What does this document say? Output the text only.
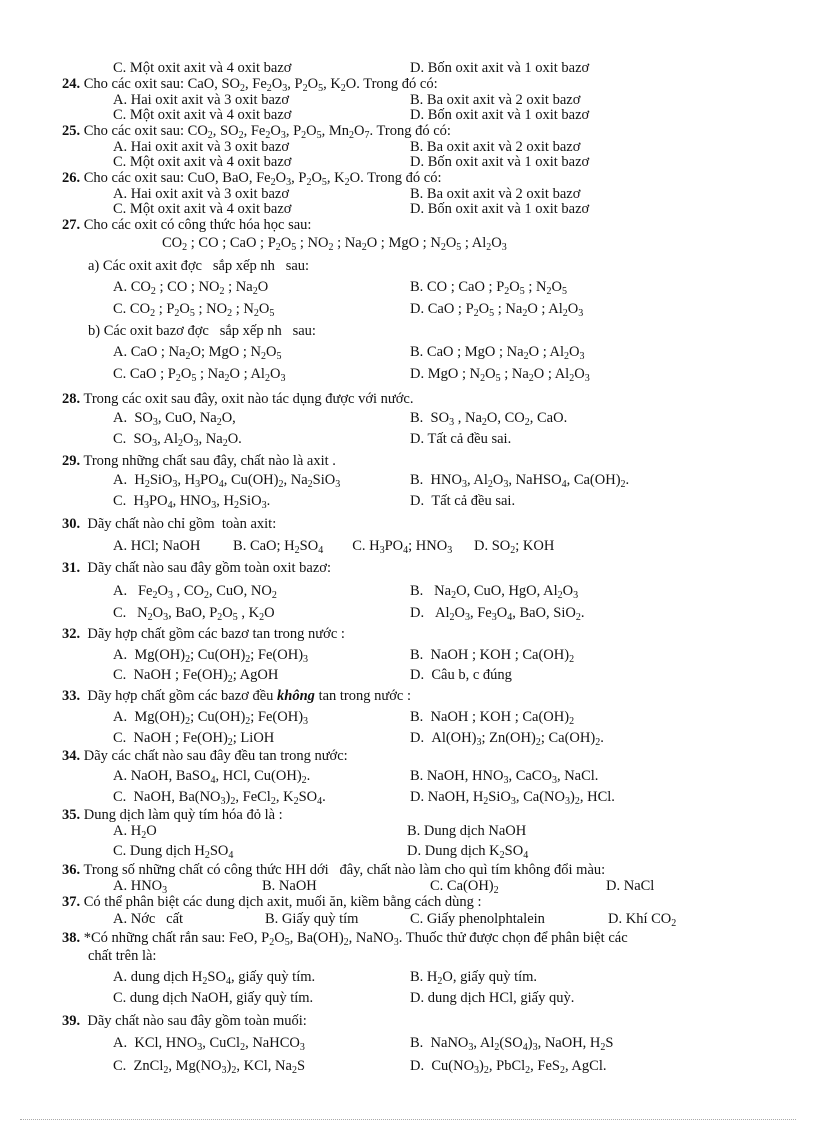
C. Một oxit axit và 4 oxit bazơ	D. Bốn oxit axit và 1 oxit bazơ
24. Cho các oxit sau: CaO, $SO_2$, $Fe_2O_3$, $P_2O_5$, $K_2O$. Trong đó có:
A. Hai oxit axit và 3 oxit bazơ	B. Ba oxit axit và 2 oxit bazơ
C. Một oxit axit và 4 oxit bazơ	D. Bốn oxit axit và 1 oxit bazơ
25. Cho các oxit sau: $CO_2$, $SO_2$, $Fe_2O_3$, $P_2O_5$, $Mn_2O_7$. Trong đó có:
A. Hai oxit axit và 3 oxit bazơ	B. Ba oxit axit và 2 oxit bazơ
C. Một oxit axit và 4 oxit bazơ	D. Bốn oxit axit và 1 oxit bazơ
26. Cho các oxit sau: CuO, BaO, $Fe_2O_3$, $P_2O_5$, $K_2O$. Trong đó có:
A. Hai oxit axit và 3 oxit bazơ	B. Ba oxit axit và 2 oxit bazơ
C. Một oxit axit và 4 oxit bazơ	D. Bốn oxit axit và 1 oxit bazơ
27. Cho các oxit có công thức hóa học sau:
$CO_2$ ; CO ; CaO ; $P_2O_5$ ; $NO_2$ ; $Na_2O$ ; MgO ; $N_2O_5$ ; $Al_2O_3$
a) Các oxit axit đợc   sắp xếp nh   sau:
A. $CO_2$ ; CO ; $NO_2$ ; $Na_2O$	B. CO ; CaO ; $P_2O_5$ ; $N_2O_5$
C. $CO_2$ ; $P_2O_5$ ; $NO_2$ ; $N_2O_5$	D. CaO ; $P_2O_5$ ; $Na_2O$ ; $Al_2O_3$
b) Các oxit bazơ đợc   sắp xếp nh   sau:
A. CaO ; $Na_2O$; MgO ; $N_2O_5$	B. CaO ; MgO ; $Na_2O$ ; $Al_2O_3$
C. CaO ; $P_2O_5$ ; $Na_2O$ ; $Al_2O_3$	D. MgO ; $N_2O_5$ ; $Na_2O$ ; $Al_2O_3$
28. Trong các oxit sau đây, oxit nào tác dụng được với nước.
A.  $SO_3$, CuO, $Na_2O$,	B.  $SO_3$ , $Na_2O$, $CO_2$, CaO.
C.  $SO_3$, $Al_2O_3$, $Na_2O$.	D. Tất cả đều sai.
29. Trong những chất sau đây, chất nào là axit .
A.  $H_2SiO_3$, $H_3PO_4$, $Cu(OH)_2$, $Na_2SiO_3$	B.  $HNO_3$, $Al_2O_3$, NaHSO$_4$, $Ca(OH)_2$.
C.  $H_3PO_4$, $HNO_3$, $H_2SiO_3$.	D.  Tất cả đều sai.
30.  Dãy chất nào chỉ gồm  toàn axit:
A. HCl; NaOH         B. CaO; $H_2SO_4$        C. $H_3PO_4$; $HNO_3$      D. $SO_2$; KOH
31.  Dãy chất nào sau đây gồm toàn oxit bazơ:
A.   $Fe_2O_3$ , $CO_2$, CuO, $NO_2$	B.   $Na_2O$, CuO, HgO, $Al_2O_3$
C.   $N_2O_3$, BaO, $P_2O_5$ , $K_2O$	D.   $Al_2O_3$, $Fe_3O_4$, BaO, SiO$_2$.
32.  Dãy hợp chất gồm các bazơ tan trong nước :
A.  $Mg(OH)_2$; $Cu(OH)_2$; $Fe(OH)_3$	B.  NaOH ; KOH ; $Ca(OH)_2$
C.  NaOH ; $Fe(OH)_2$; AgOH	D.  Câu b, c đúng
33.  Dãy hợp chất gồm các bazơ đều không tan trong nước :
A.  $Mg(OH)_2$; $Cu(OH)_2$; $Fe(OH)_3$	B.  NaOH ; KOH ; $Ca(OH)_2$
C.  NaOH ; $Fe(OH)_2$; LiOH	D.  $Al(OH)_3$; $Zn(OH)_2$; $Ca(OH)_2$.
34. Dãy các chất nào sau đây đều tan trong nước:
A. NaOH, BaSO$_4$, HCl, $Cu(OH)_2$.	B. NaOH, $HNO_3$, CaCO$_3$, NaCl.
C.  NaOH, $Ba(NO_3)_2$, FeCl$_2$, $K_2SO_4$.	D. NaOH, $H_2SiO_3$, $Ca(NO_3)_2$, HCl.
35. Dung dịch làm quỳ tím hóa đỏ là :
A. $H_2O$	B. Dung dịch NaOH
C. Dung dịch $H_2SO_4$	D. Dung dịch $K_2SO_4$
36. Trong số những chất có công thức HH dới   đây, chất nào làm cho quì tím không đổi màu:
A. $HNO_3$	B. NaOH	C. $Ca(OH)_2$	D. NaCl
37. Có thể phân biệt các dung dịch axit, muối ăn, kiềm bằng cách dùng :
A. Nớc   cất	B. Giấy quỳ tím	C. Giấy phenolphtalein	D. Khí $CO_2$
38. *Có những chất rắn sau: FeO, $P_2O_5$, $Ba(OH)_2$, NaNO$_3$. Thuốc thử được chọn để phân biệt các
chất trên là:
A. dung dịch $H_2SO_4$, giấy quỳ tím.	B. $H_2O$, giấy quỳ tím.
C. dung dịch NaOH, giấy quỳ tím.	D. dung dịch HCl, giấy quỳ.
39.  Dãy chất nào sau đây gồm toàn muối:
A.  KCl, $HNO_3$, CuCl$_2$, NaHCO$_3$	B.  NaNO$_3$, $Al_2(SO_4)_3$, NaOH, $H_2S$
C.  ZnCl$_2$, $Mg(NO_3)_2$, KCl, $Na_2S$	D.  $Cu(NO_3)_2$, PbCl$_2$, FeS$_2$, AgCl.
